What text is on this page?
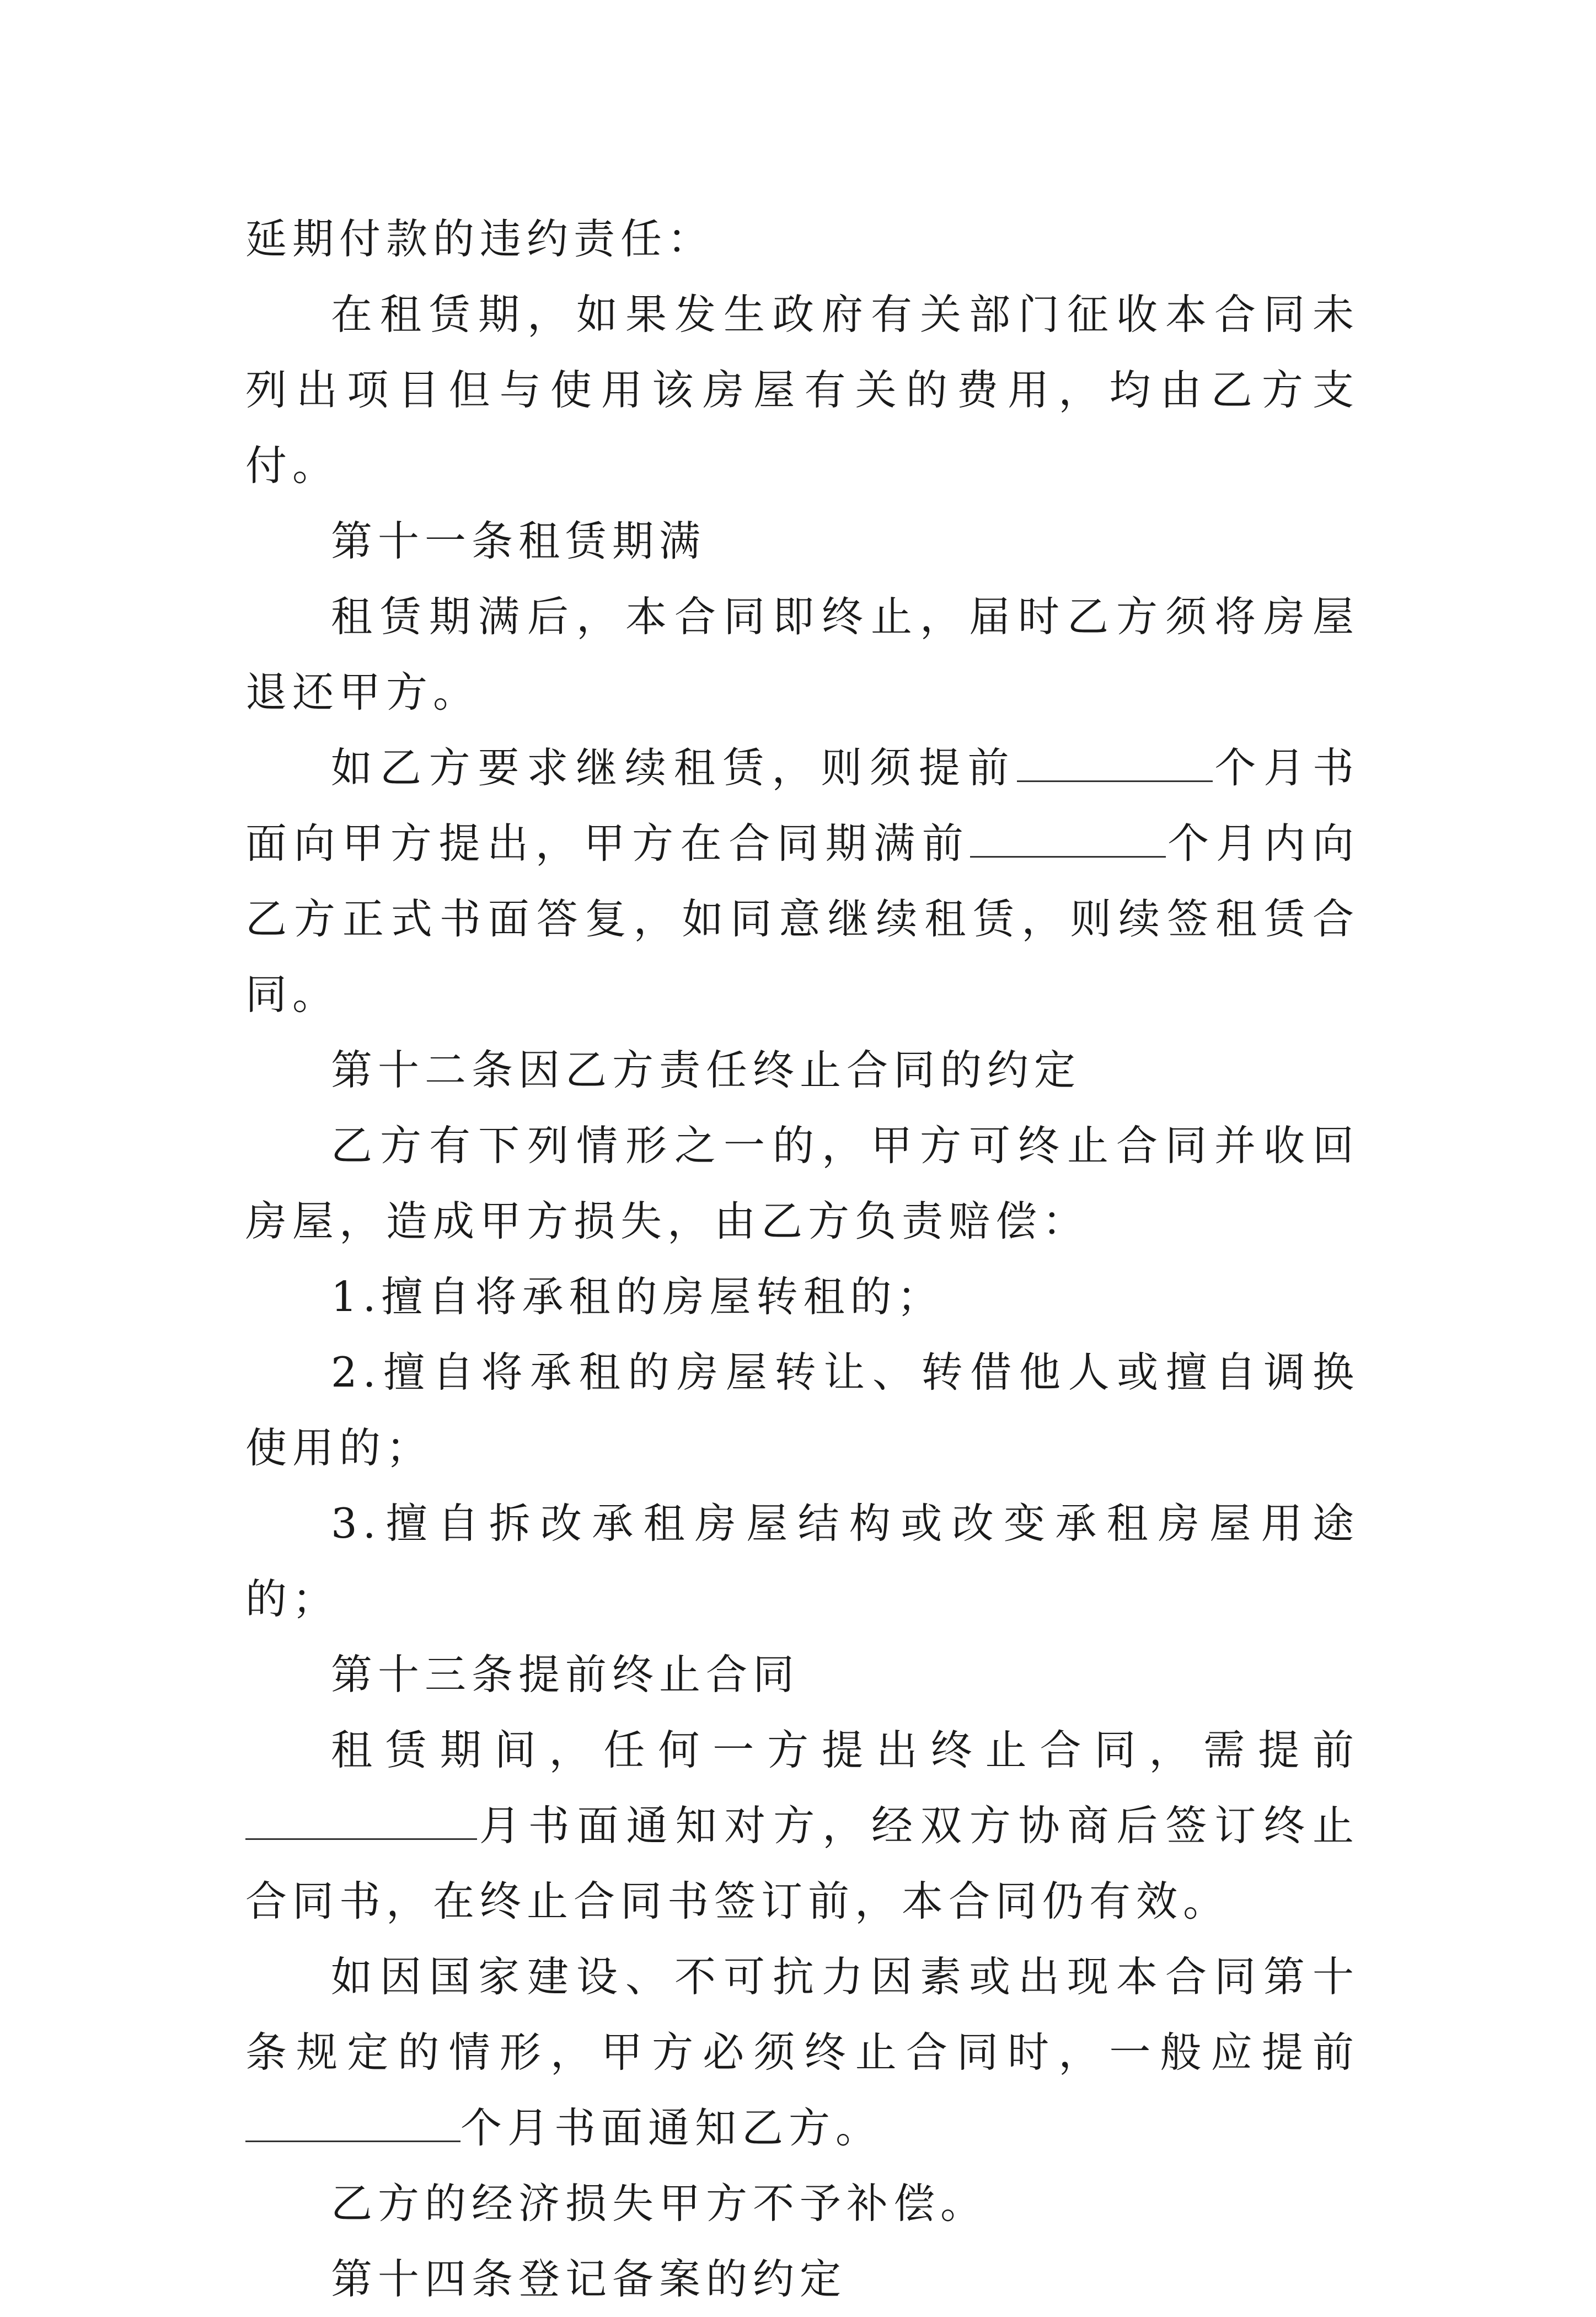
延期付款的违约责任：

在租赁期，如果发生政府有关部门征收本合同未列出项目但与使用该房屋有关的费用，均由乙方支付。

第十一条租赁期满

租赁期满后，本合同即终止，届时乙方须将房屋退还甲方。

如乙方要求继续租赁，则须提前	个月书面向甲方提出，甲方在合同期满前	个月内向乙方正式书面答复，如同意继续租赁，则续签租赁合同。

第十二条因乙方责任终止合同的约定

乙方有下列情形之一的，甲方可终止合同并收回房屋，造成甲方损失，由乙方负责赔偿：

1.擅自将承租的房屋转租的；

2.擅自将承租的房屋转让、转借他人或擅自调换使用的；

3.擅自拆改承租房屋结构或改变承租房屋用途的；

第十三条提前终止合同

租赁期间，任何一方提出终止合同，需提前月书面通知对方，经双方协商后签订终止合同书，在终止合同书签订前，本合同仍有效。

如因国家建设、不可抗力因素或出现本合同第十条规定的情形，甲方必须终止合同时，一般应提前个月书面通知乙方。

乙方的经济损失甲方不予补偿。

第十四条登记备案的约定
